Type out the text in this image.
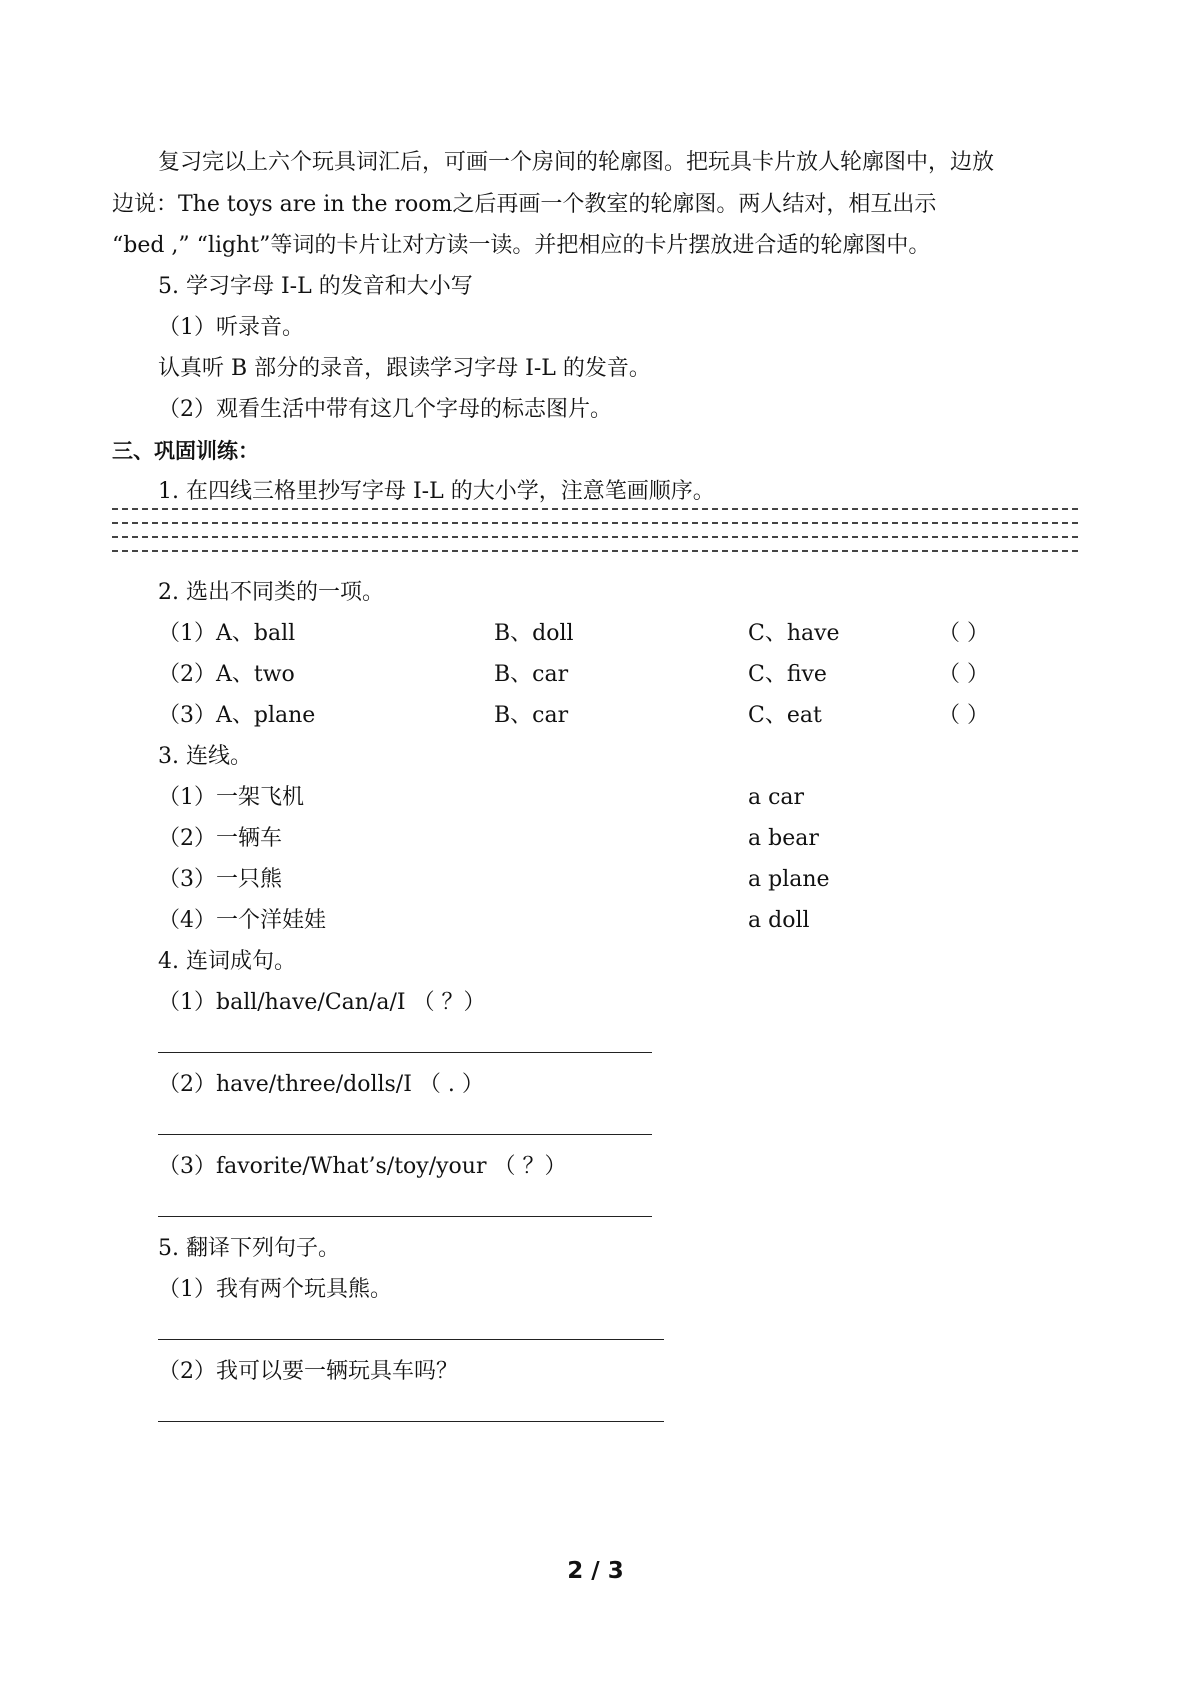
复习完以上六个玩具词汇后，可画一个房间的轮廓图。把玩具卡片放人轮廓图中，边放
边说：The toys are in the room之后再画一个教室的轮廓图。两人结对，相互出示
“bed ,” “light”等词的卡片让对方读一读。并把相应的卡片摆放进合适的轮廓图中。
5. 学习字母 I-L 的发音和大小写
（1）听录音。
认真听 B 部分的录音，跟读学习字母 I-L 的发音。
（2）观看生活中带有这几个字母的标志图片。
三、巩固训练：
1. 在四线三格里抄写字母 I-L 的大小学，注意笔画顺序。
2. 选出不同类的一项。
（1）A、ball	B、doll	C、have	（ ）
（2）A、two	B、car	C、five	（ ）
（3）A、plane	B、car	C、eat	（ ）
3. 连线。
（1）一架飞机	a car
（2）一辆车	a bear
（3）一只熊	a plane
（4）一个洋娃娃	a doll
4. 连词成句。
（1）ball/have/Can/a/I （ ？）
（2）have/three/dolls/I （ . ）
（3）favorite/What’s/toy/your （ ？）
5. 翻译下列句子。
（1）我有两个玩具熊。
（2）我可以要一辆玩具车吗？
2 / 3
